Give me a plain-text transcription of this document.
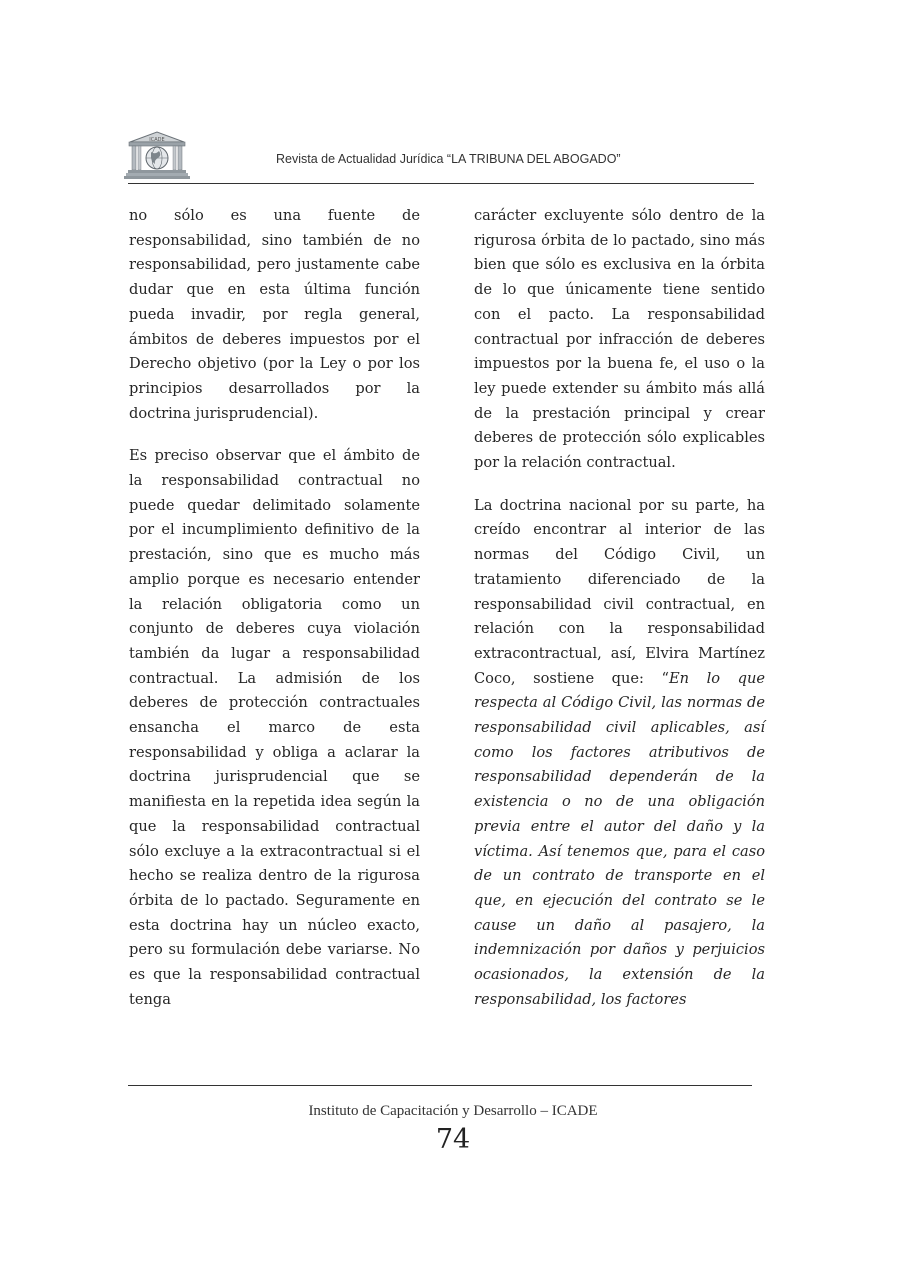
ICADE
Revista de Actualidad Jurídica “LA TRIBUNA DEL ABOGADO”

no sólo es una fuente de responsabilidad, sino también de no responsabilidad, pero justamente cabe dudar que en esta última función pueda invadir, por regla general, ámbitos de deberes impuestos por el Derecho objetivo (por la Ley o por los principios desarrollados por la doctrina jurisprudencial).

Es preciso observar que el ámbito de la responsabilidad contractual no puede quedar delimitado solamente por el incumplimiento definitivo de la prestación, sino que es mucho más amplio porque es necesario entender la relación obligatoria como un conjunto de deberes cuya violación también da lugar a responsabilidad contractual. La admisión de los deberes de protección contractuales ensancha el marco de esta responsabilidad y obliga a aclarar la doctrina jurisprudencial que se manifiesta en la repetida idea según la que la responsabilidad contractual sólo excluye a la extracontractual si el hecho se realiza dentro de la rigurosa órbita de lo pactado. Seguramente en esta doctrina hay un núcleo exacto, pero su formulación debe variarse. No es que la responsabilidad contractual tenga

carácter excluyente sólo dentro de la rigurosa órbita de lo pactado, sino más bien que sólo es exclusiva en la órbita de lo que únicamente tiene sentido con el pacto. La responsabilidad contractual por infracción de deberes impuestos por la buena fe, el uso o la ley puede extender su ámbito más allá de la prestación principal y crear deberes de protección sólo explicables por la relación contractual.

La doctrina nacional por su parte, ha creído encontrar al interior de las normas del Código Civil, un tratamiento diferenciado de la responsabilidad civil contractual, en relación con la responsabilidad extracontractual, así, Elvira Martínez Coco, sostiene que: “En lo que respecta al Código Civil, las normas de responsabilidad civil aplicables, así como los factores atributivos de responsabilidad dependerán de la existencia o no de una obligación previa entre el autor del daño y la víctima. Así tenemos que, para el caso de un contrato de transporte en el que, en ejecución del contrato se le cause un daño al pasajero, la indemnización por daños y perjuicios ocasionados, la extensión de la responsabilidad, los factores

Instituto de Capacitación y Desarrollo – ICADE
74
